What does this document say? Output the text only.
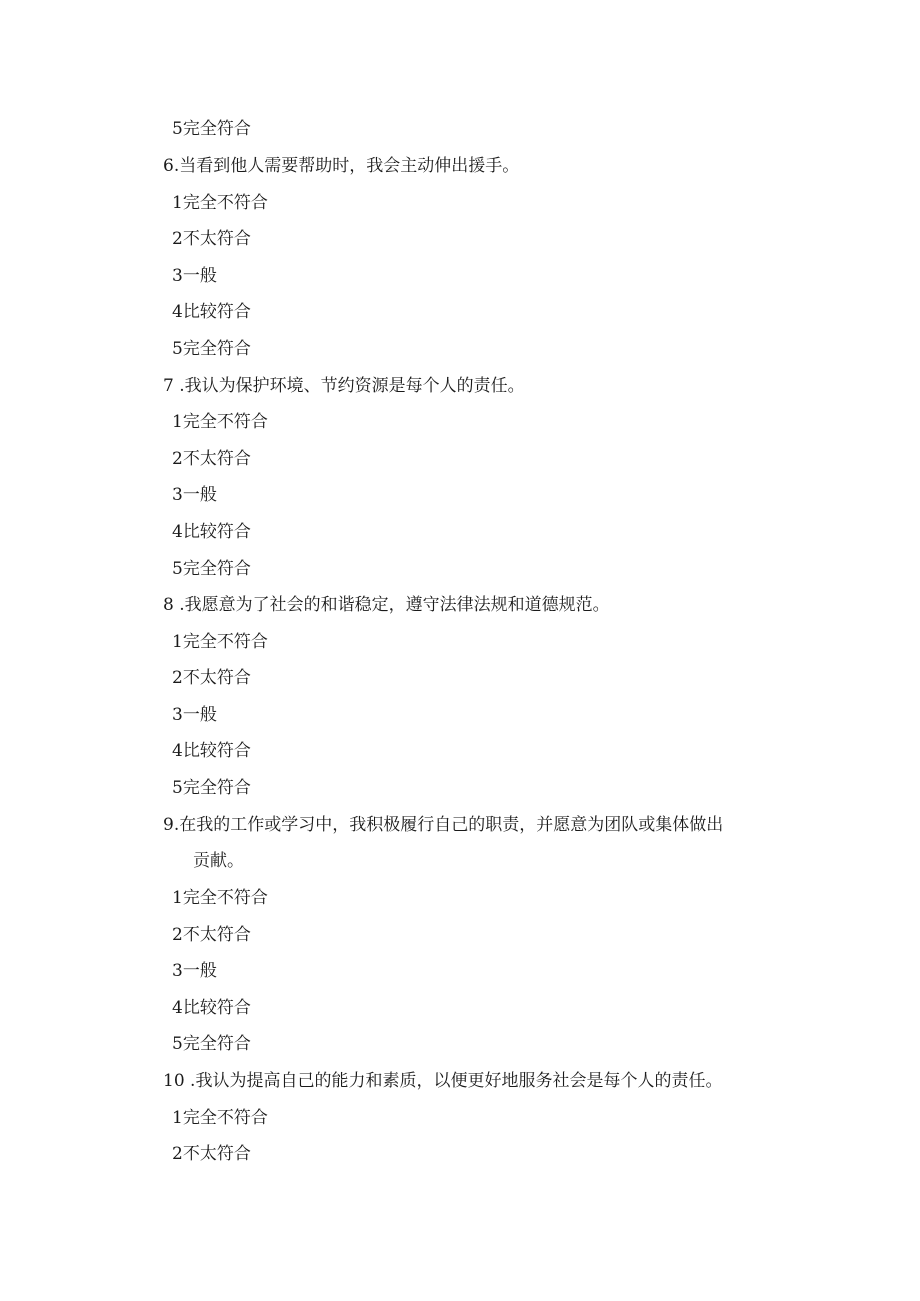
5完全符合
6.当看到他人需要帮助时，我会主动伸出援手。
1完全不符合
2不太符合
3一般
4比较符合
5完全符合
7 .我认为保护环境、节约资源是每个人的责任。
1完全不符合
2不太符合
3一般
4比较符合
5完全符合
8 .我愿意为了社会的和谐稳定，遵守法律法规和道德规范。
1完全不符合
2不太符合
3一般
4比较符合
5完全符合
9.在我的工作或学习中，我积极履行自己的职责，并愿意为团队或集体做出
贡献。
1完全不符合
2不太符合
3一般
4比较符合
5完全符合
10 .我认为提高自己的能力和素质，以便更好地服务社会是每个人的责任。
1完全不符合
2不太符合
